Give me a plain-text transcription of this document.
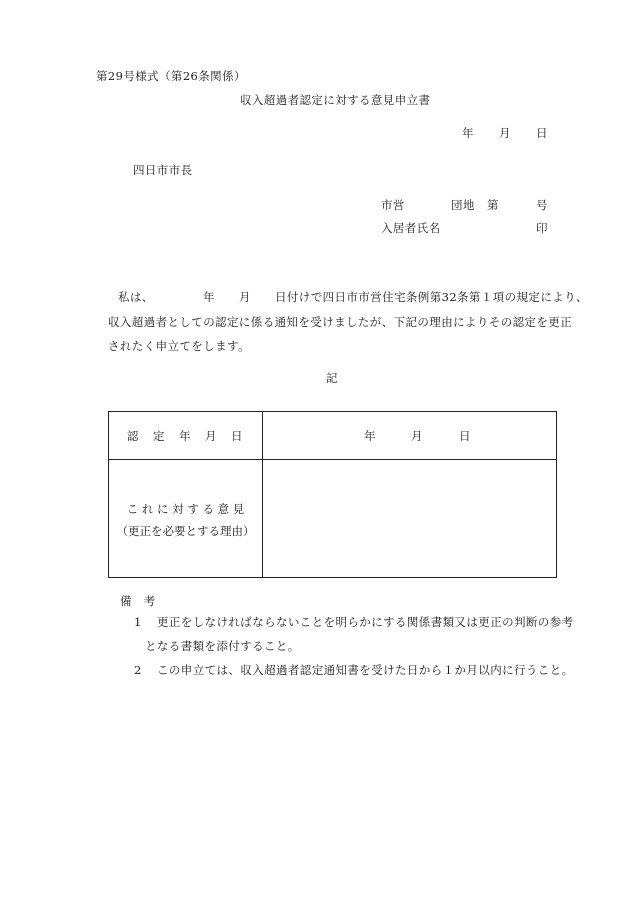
第29号様式（第26条関係）
収入超過者認定に対する意見申立書
年 月 日
四日市市長
市営	団地 第	号
入居者氏名	印
私は、	年 月 日付けで四日市市営住宅条例第32条第１項の規定により、
収入超過者としての認定に係る通知を受けましたが、下記の理由によりその認定を更正
されたく申立てをします。
記
認　定　年　月　日	年	月	日
こ れ に 対 す る 意 見
（更正を必要とする理由）
備　考
1 更正をしなければならないことを明らかにする関係書類又は更正の判断の参考
となる書類を添付すること。
2 この申立ては、収入超過者認定通知書を受けた日から１か月以内に行うこと。
